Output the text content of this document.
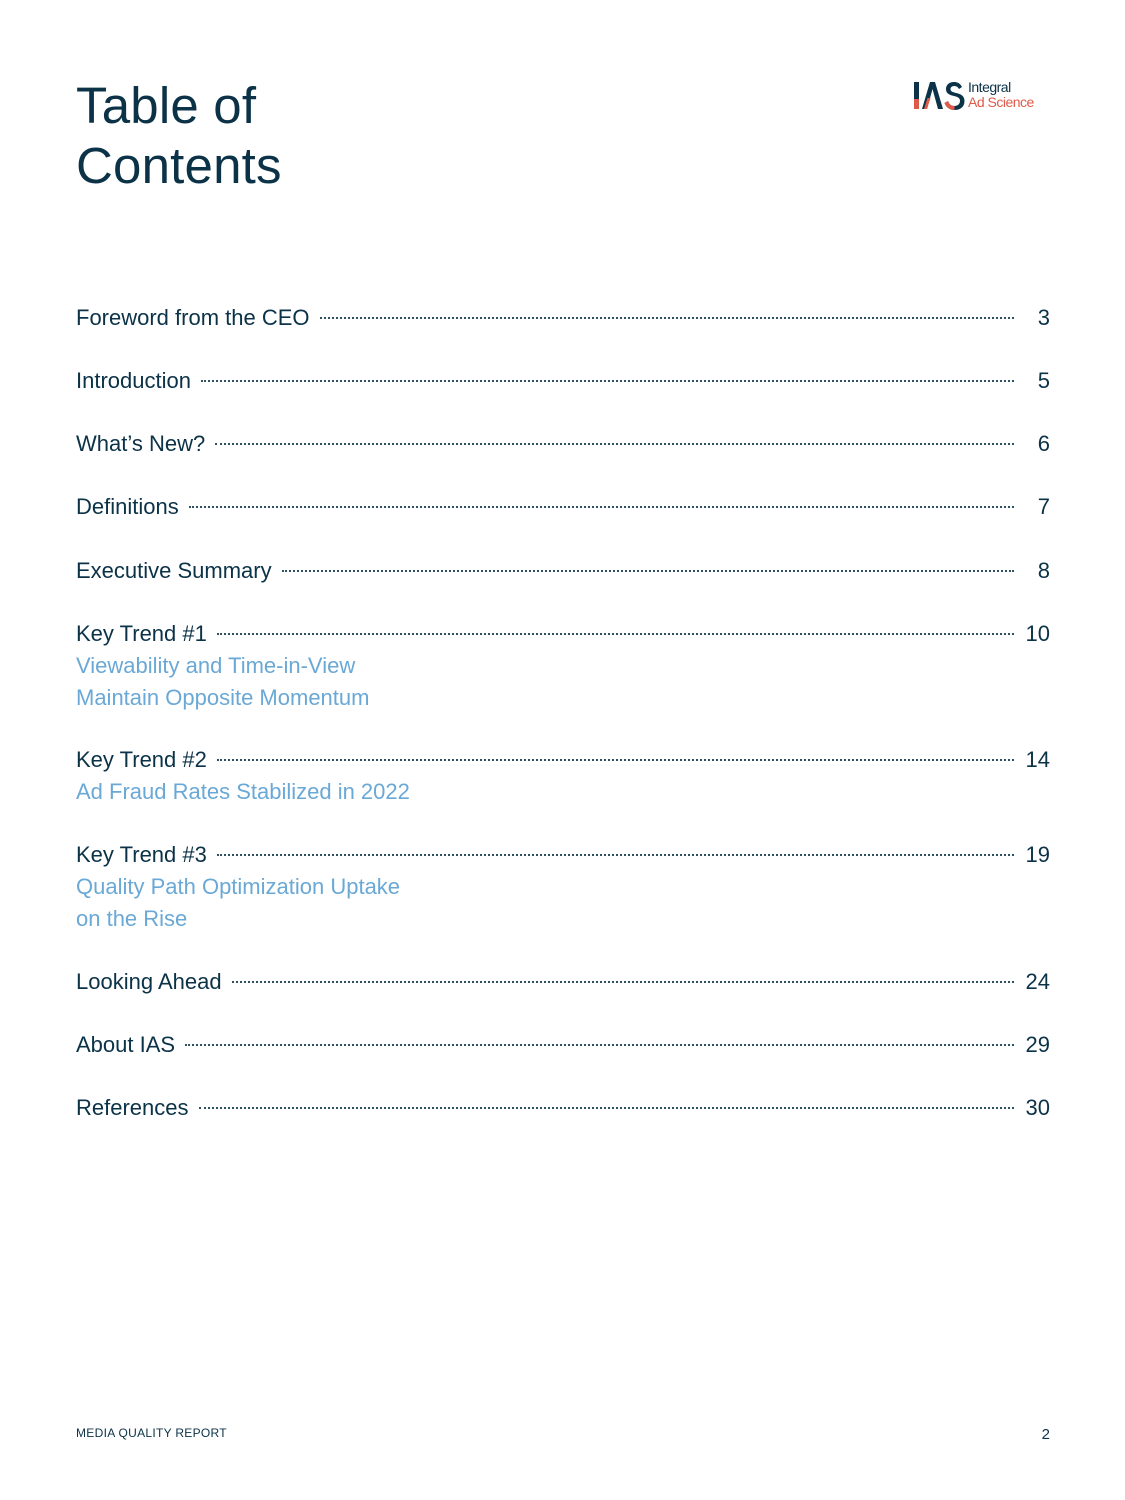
Table of
Contents
Integral
Ad Science
Foreword from the CEO	3
Introduction	5
What’s New?	6
Definitions	7
Executive Summary	8
Key Trend #1	10
Viewability and Time-in-View
Maintain Opposite Momentum
Key Trend #2	14
Ad Fraud Rates Stabilized in 2022
Key Trend #3	19
Quality Path Optimization Uptake
on the Rise
Looking Ahead	24
About IAS	29
References	30
MEDIA QUALITY REPORT	2
